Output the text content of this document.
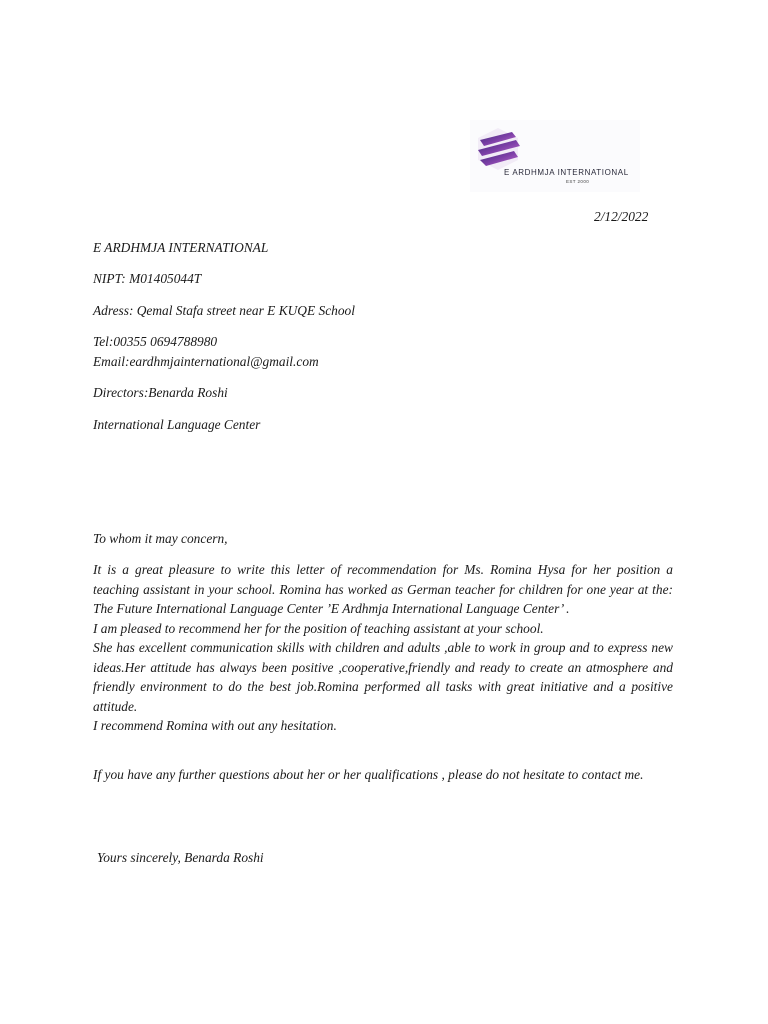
E ARDHMJA INTERNATIONAL
EST 2000
2/12/2022
E ARDHMJA INTERNATIONAL
NIPT: M01405044T
Adress: Qemal Stafa street near E KUQE School
Tel:00355 0694788980
Email:eardhmjainternational@gmail.com
Directors:Benarda Roshi
International Language Center
To whom it may concern,
It is a great pleasure to write this letter of recommendation for Ms. Romina Hysa for her position a teaching assistant in your school. Romina has worked as German teacher for children for one year at the: The Future International Language Center ’E Ardhmja International Language Center’ .
I am pleased to recommend her for the position of teaching assistant at your school.
She has excellent communication skills with children and adults ,able to work in group and to express new ideas.Her attitude has always been positive ,cooperative,friendly and ready to create an atmosphere and friendly environment to do the best job.Romina performed all tasks with great initiative and a positive attitude.
I recommend Romina with out any hesitation.
If you have any further questions about her or her qualifications , please do not hesitate to contact me.
Yours sincerely, Benarda Roshi
